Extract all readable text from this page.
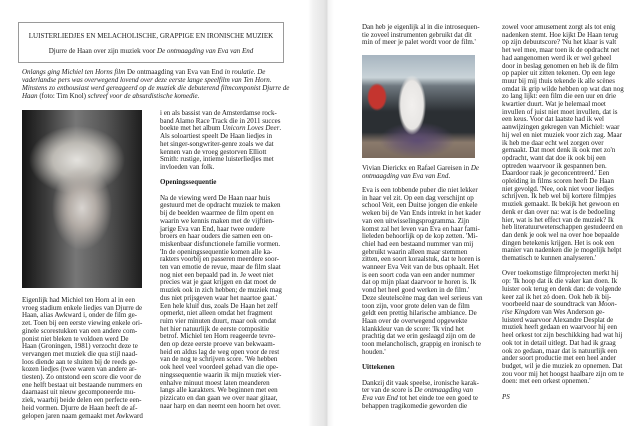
LUISTERLIEDJES EN MELACHOLISCHE, GRAPPIGE EN IRONISCHE MUZIEK
Djurre de Haan over zijn muziek voor De ontmaagding van Eva van End
Onlangs ging Michiel ten Horns film De ontmaagding van Eva van End in roulatie. De vaderlandse pers was overwegend lovend over deze eerste lange speelfilm van Ten Horn. Minstens zo enthousiast werd gereageerd op de muziek die debuterend filmcomponist Djurre de Haan (foto: Tim Knol) schreef voor de absurdistische komedie.
Eigenlijk had Michiel ten Horn al in een
vroeg stadium enkele liedjes van Djurre de
Haan, alias Awkward i, onder de film ge-
zet. Toen bij een eerste viewing enkele ori-
ginele scorestukken van een andere com-
ponist niet bleken te voldoen werd De
Haan (Groningen, 1981) verzocht deze te
vervangen met muziek die qua stijl naad-
loos diende aan te sluiten bij de reeds ge-
kozen liedjes (twee waren van andere ar-
tiesten). Zo ontstond een score die voor de
ene helft bestaat uit bestaande nummers en
daarnaast uit nieuw gecomponeerde mu-
ziek, waarbij beide delen een perfecte een-
heid vormen. Djurre de Haan heeft de af-
gelopen jaren naam gemaakt met Awkward
i en als bassist van de Amsterdamse rock-
band Alamo Race Track die in 2011 succes
boekte met het album Unicorn Loves Deer.
Als soloartiest speelt De Haan liedjes in
het singer-songwriter-genre zoals we dat
kennen van de vroeg gestorven Elliott
Smith: rustige, intieme luisterliedjes met
invloeden van folk.
Openingssequentie
Na de viewing werd De Haan naar huis
gestuurd met de opdracht muziek te maken
bij de beelden waarmee de film opent en
waarin we kennis maken met de vijftien-
jarige Eva van End, haar twee oudere
broers en haar ouders die samen een on-
miskenbaar disfunctionele familie vormen.
'In de openingssequentie komen alle ka-
rakters voorbij en passeren meerdere soor-
ten van emotie de revue, maar de film slaat
nog niet een bepaald pad in. Je weet niet
precies wat je gaat krijgen en dat moet de
muziek ook in zich hebben; de muziek mag
dus niet prijsgeven waar het naartoe gaat.'
Een hele kluif dus, zoals De Haan het zelf
opmerkt, niet alleen omdat het fragment
ruim vier minuten duurt, maar ook omdat
het hier natuurlijk de eerste compositie
betrof. Michiel ten Horn reageerde tevre-
den op deze eerste proeve van bekwaam-
heid en aldus lag de weg open voor de rest
van de nog te schrijven score. 'We hebben
ook heel veel voordeel gehad van die ope-
ningssequentie waarin ik mijn muziek vier-
enhalve minuut moest laten meanderen
langs alle karakters. We beginnen met een
pizzicato en dan gaan we over naar gitaar,
naar harp en dan neemt een hoorn het over.
Dan heb je eigenlijk al in die introsequen-
tie zoveel instrumenten gebruikt dat dit
min of meer je palet wordt voor de film.'
Vivian Dierickx en Rafael Gareisen in De
ontmaagding van Eva van End.
Eva is een tobbende puber die niet lekker
in haar vel zit. Op een dag verschijnt op
school Veit, een Duitse jongen die enkele
weken bij de Van Ends intrekt in het kader
van een uitwisselingsprogramma. Zijn
komst zal het leven van Eva en haar fami-
lieleden behoorlijk op de kop zetten. 'Mi-
chiel had een bestaand nummer van mij
gebruikt waarin alleen maar stemmen
zitten, een soort koraalstuk, dat te horen is
wanneer Eva Veit van de bus ophaalt. Het
is een soort coda van een ander nummer
dat op mijn plaat daarvoor te horen is. Ik
vond het heel goed werken in de film.'
Deze sleutelscène mag dan wel serieus van
toon zijn, voor grote delen van de film
geldt een prettig hilarische ambiance. De
Haan over de overwegend opgewekte
klankkleur van de score: 'Ik vind het
prachtig dat we erin geslaagd zijn om de
toon melancholisch, grappig en ironisch te
houden.'
Uittekenen
Dankzij dit vaak speelse, ironische karak-
ter van de score is De ontmaagding van
Eva van End tot het einde toe een goed te
behappen tragikomedie geworden die
zowel voor amusement zorgt als tot enig
nadenken stemt. Hoe kijkt De Haan terug
op zijn debuutscore? 'Nu het klaar is valt
het wel mee, maar toen ik de opdracht net
had aangenomen werd ik er wel geheel
door in beslag genomen en heb ik de film
op papier uit zitten tekenen. Op een lege
muur bij mij thuis tekende ik alle scènes
omdat ik grip wilde hebben op wat dan nog
zo lang lijkt: een film die een uur en drie
kwartier duurt. Wat je helemaal moet
invullen of juist niet moet invullen, dat is
een keus. Voor dat laatste had ik wel
aanwijzingen gekregen van Michiel: waar
hij wel en niet muziek voor zich zag. Maar
ik heb me daar echt wel zorgen over
gemaakt. Dat moet denk ik ook met zo'n
opdracht, want dat doe ik ook bij een
optreden waarvoor ik gespannen ben.
Daardoor raak je geconcentreerd.' Een
opleiding in films scoren heeft De Haan
niet gevolgd. 'Nee, ook niet voor liedjes
schrijven. Ik heb wel bij kortere filmpjes
muziek gemaakt. Ik bekijk het gewoon en
denk er dan over na: wat is de bedoeling
hier, wat is het effect van de muziek? Ik
heb literatuurwetenschappen gestudeerd en
dan denk je ook wel na over hoe bepaalde
dingen betekenis krijgen. Het is ook een
manier van nadenken die je mogelijk helpt
thematisch te kunnen analyseren.'
Over toekomstige filmprojecten merkt hij
op: 'Ik hoop dat ik die vaker kan doen. Ik
luister ook terug en denk dan: de volgende
keer zal ik het zó doen. Ook heb ik bij-
voorbeeld naar de soundtrack van Moon-
rise Kingdom van Wes Anderson ge-
luisterd waarvoor Alexandre Desplat de
muziek heeft gedaan en waarvoor hij een
heel orkest tot zijn beschikking had wat hij
ook tot in detail uitlegt. Dat had ik graag
ook zo gedaan, maar dat is natuurlijk een
ander soort productie met een heel ander
budget, wil je die muziek zo opnemen. Dat
zou voor mij het hoogst haalbare zijn om te
doen: met een orkest opnemen.'
PS
